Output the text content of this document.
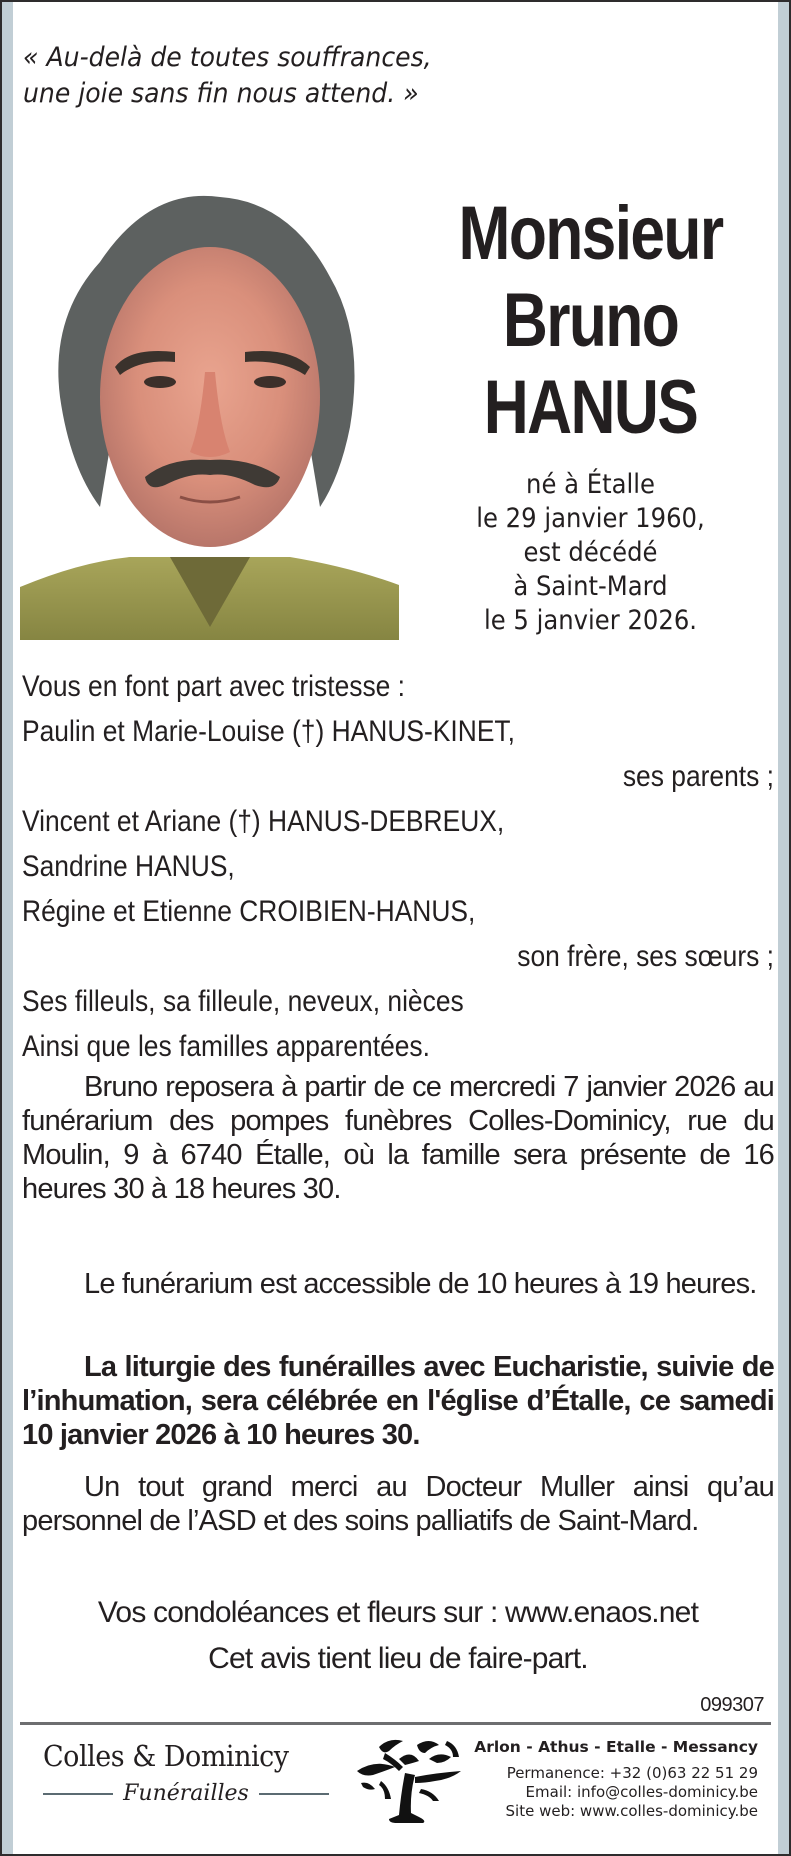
« Au-delà de toutes souffrances,
une joie sans fin nous attend. »
Monsieur
Bruno
HANUS
né à Étalle
le 29 janvier 1960,
est décédé
à Saint-Mard
le 5 janvier 2026.
Vous en font part avec tristesse :
Paulin et Marie-Louise (†) HANUS-KINET,
ses parents ;
Vincent et Ariane (†) HANUS-DEBREUX,
Sandrine HANUS,
Régine et Etienne CROIBIEN-HANUS,
son frère, ses sœurs ;
Ses filleuls, sa filleule, neveux, nièces
Ainsi que les familles apparentées.
Bruno reposera à partir de ce mercredi 7 janvier 2026 au funérarium des pompes funèbres Colles-Dominicy, rue du Moulin, 9 à 6740 Étalle, où la famille sera présente de 16 heures 30 à 18 heures 30.
Le funérarium est accessible de 10 heures à 19 heures.
La liturgie des funérailles avec Eucharistie, suivie de l’inhumation, sera célébrée en l'église d’Étalle, ce samedi 10 janvier 2026 à 10 heures 30.
Un tout grand merci au Docteur Muller ainsi qu’au personnel de l’ASD et des soins palliatifs de Saint-Mard.
Vos condoléances et fleurs sur : www.enaos.net
Cet avis tient lieu de faire-part.
099307
Colles & Dominicy
Funérailles
Arlon - Athus - Etalle - Messancy
Permanence: +32 (0)63 22 51 29
Email: info@colles-dominicy.be
Site web: www.colles-dominicy.be
